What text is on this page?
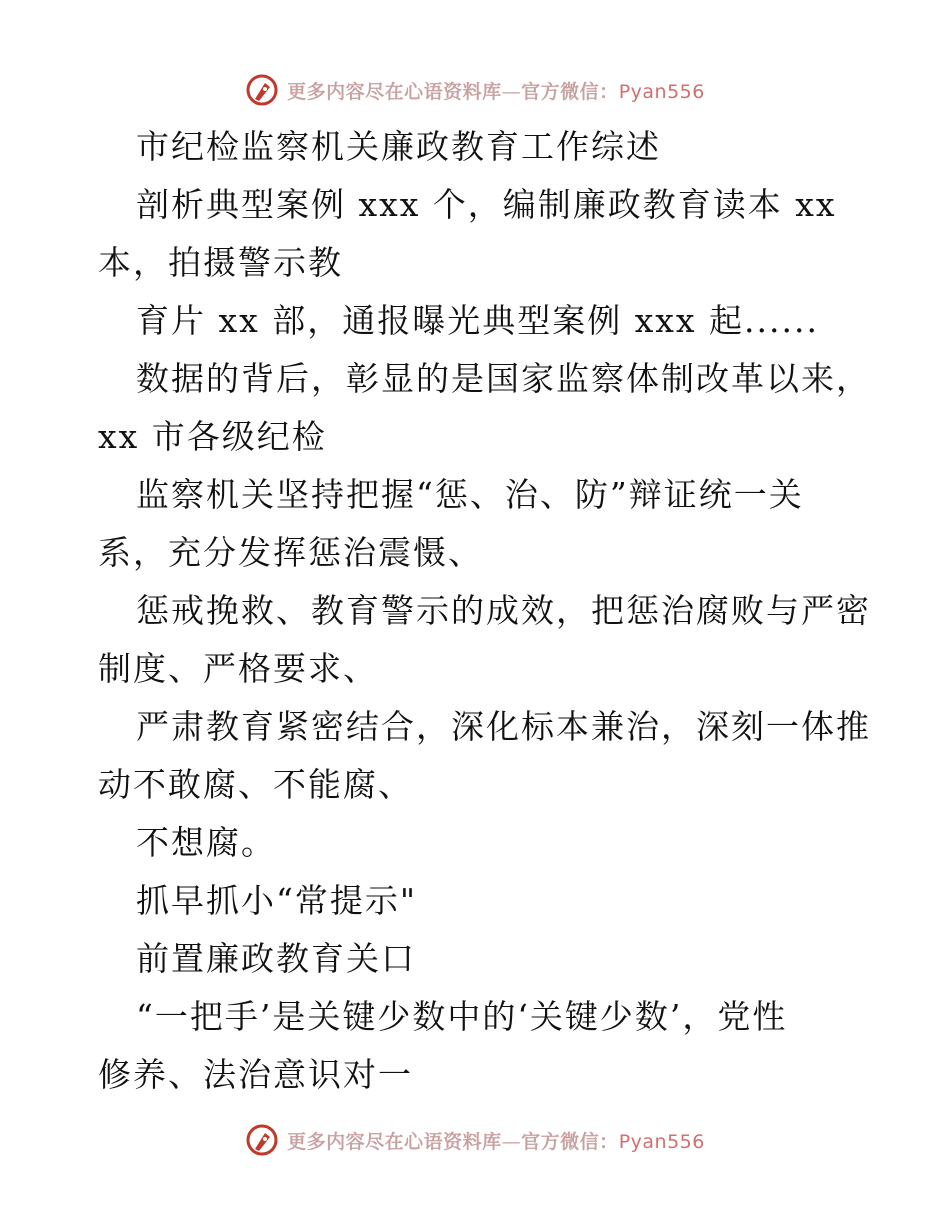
更多内容尽在心语资料库—官方微信：Pyan556
市纪检监察机关廉政教育工作综述
剖析典型案例 xxx 个，编制廉政教育读本 xx
本，拍摄警示教
育片 xx 部，通报曝光典型案例 xxx 起......
数据的背后，彰显的是国家监察体制改革以来，
xx 市各级纪检
监察机关坚持把握“惩、治、防”辩证统一关
系，充分发挥惩治震慑、
惩戒挽救、教育警示的成效，把惩治腐败与严密
制度、严格要求、
严肃教育紧密结合，深化标本兼治，深刻一体推
动不敢腐、不能腐、
不想腐。
抓早抓小“常提示"
前置廉政教育关口
“一把手’是关键少数中的‘关键少数’，党性
修养、法治意识对一
更多内容尽在心语资料库—官方微信：Pyan556
